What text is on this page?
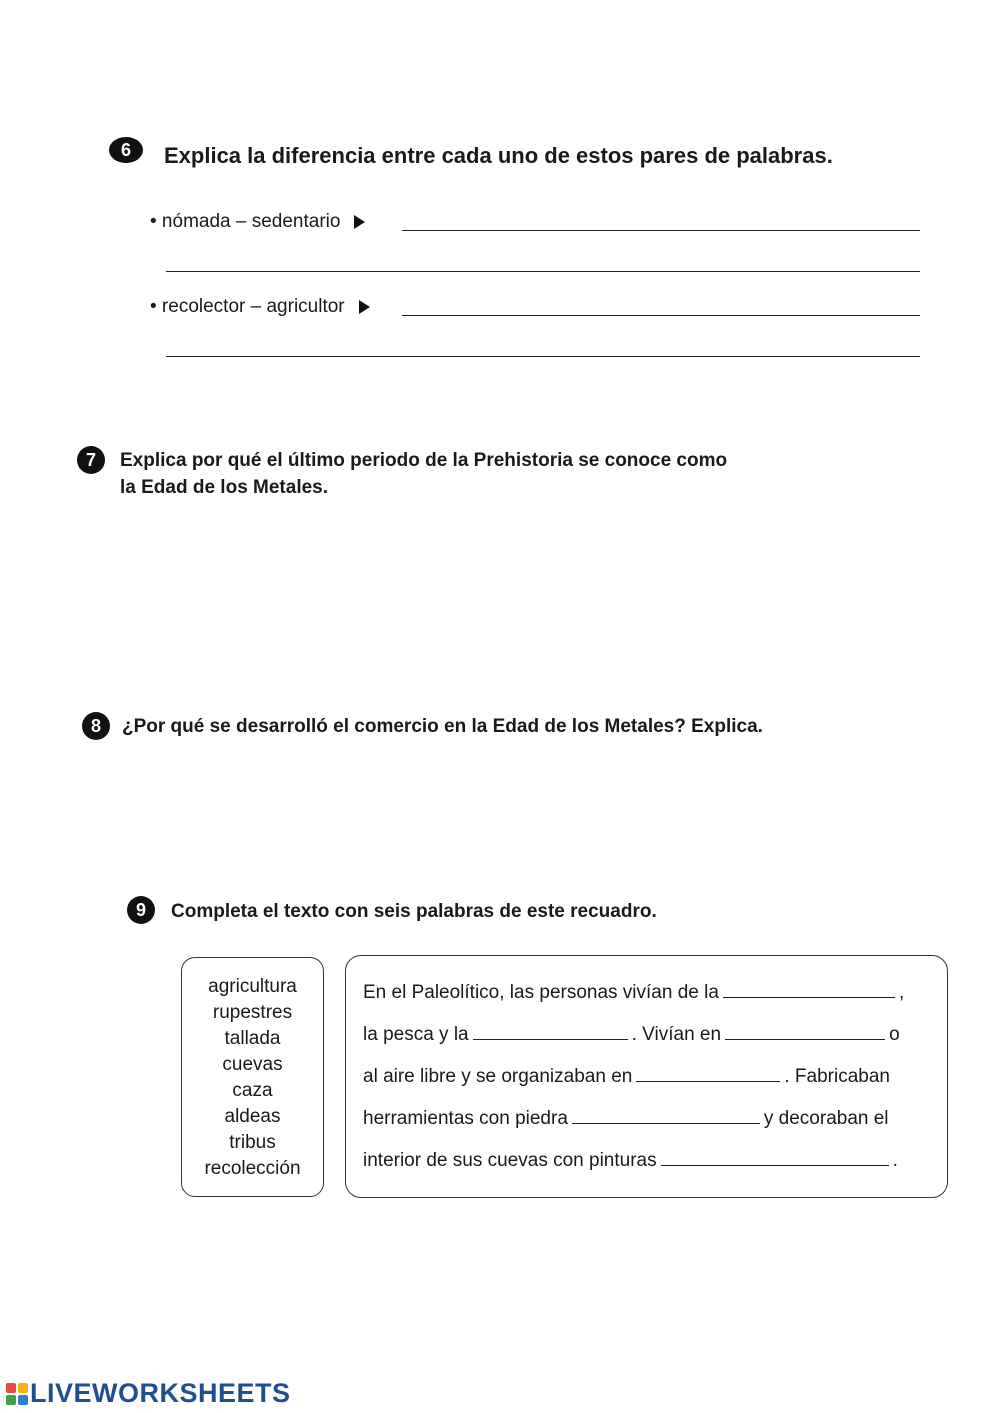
6 Explica la diferencia entre cada uno de estos pares de palabras.
• nómada – sedentario
• recolector – agricultor
7 Explica por qué el último periodo de la Prehistoria se conoce como
la Edad de los Metales.
8 ¿Por qué se desarrolló el comercio en la Edad de los Metales? Explica.
9 Completa el texto con seis palabras de este recuadro.
agricultura
rupestres
tallada
cuevas
caza
aldeas
tribus
recolección
En el Paleolítico, las personas vivían de la	,
la pesca y la	. Vivían en	o
al aire libre y se organizaban en	. Fabricaban
herramientas con piedra	y decoraban el
interior de sus cuevas con pinturas	.
LIVEWORKSHEETS
